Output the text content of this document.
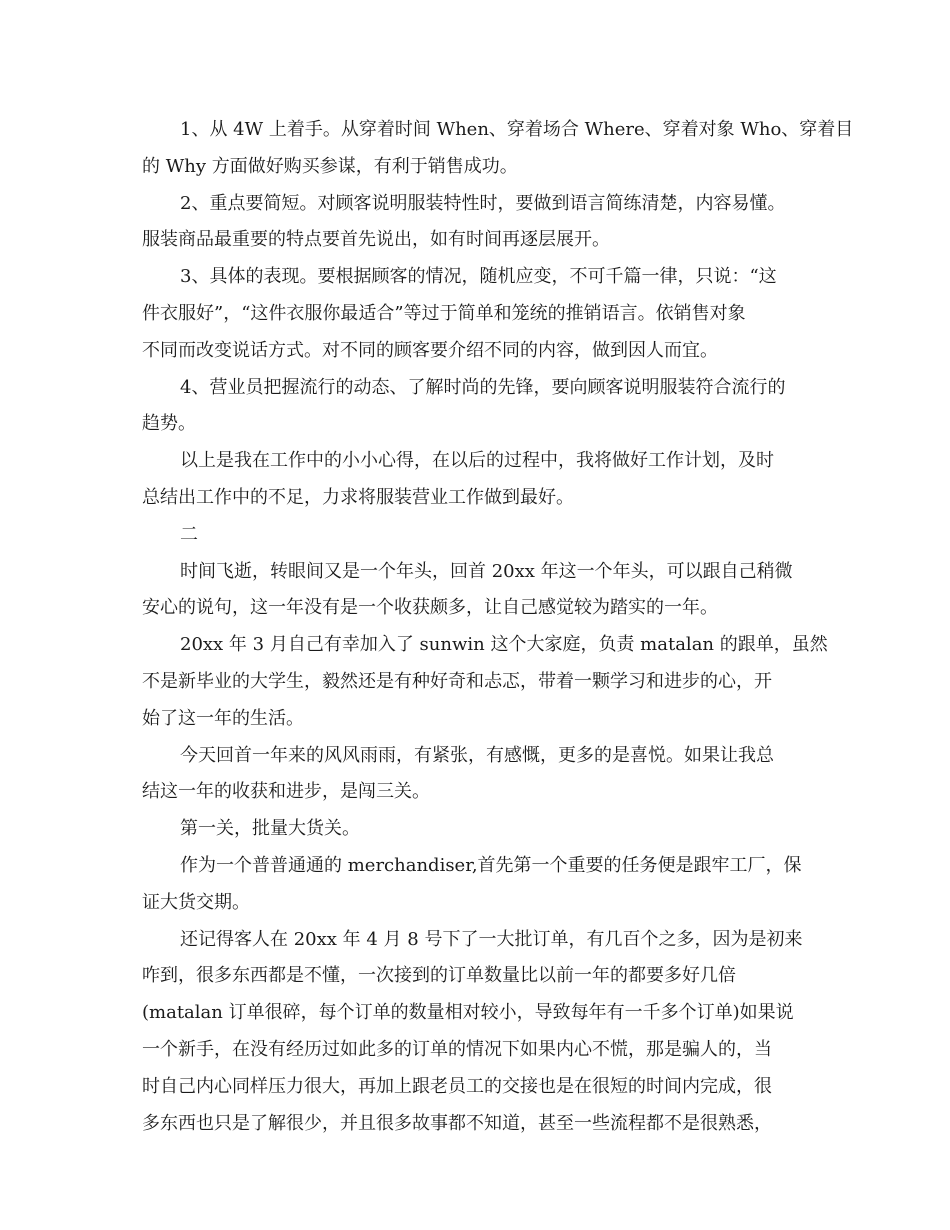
1、从 4W 上着手。从穿着时间 When、穿着场合 Where、穿着对象 Who、穿着目
的 Why 方面做好购买参谋，有利于销售成功。

2、重点要简短。对顾客说明服装特性时，要做到语言简练清楚，内容易懂。
服装商品最重要的特点要首先说出，如有时间再逐层展开。

3、具体的表现。要根据顾客的情况，随机应变，不可千篇一律，只说：“这
件衣服好”，“这件衣服你最适合”等过于简单和笼统的推销语言。依销售对象
不同而改变说话方式。对不同的顾客要介绍不同的内容，做到因人而宜。

4、营业员把握流行的动态、了解时尚的先锋，要向顾客说明服装符合流行的
趋势。

以上是我在工作中的小小心得，在以后的过程中，我将做好工作计划，及时
总结出工作中的不足，力求将服装营业工作做到最好。

二

时间飞逝，转眼间又是一个年头，回首 20xx 年这一个年头，可以跟自己稍微
安心的说句，这一年没有是一个收获颇多，让自己感觉较为踏实的一年。

20xx 年 3 月自己有幸加入了 sunwin 这个大家庭，负责 matalan 的跟单，虽然
不是新毕业的大学生，毅然还是有种好奇和忐忑，带着一颗学习和进步的心，开
始了这一年的生活。

今天回首一年来的风风雨雨，有紧张，有感慨，更多的是喜悦。如果让我总
结这一年的收获和进步，是闯三关。

第一关，批量大货关。

作为一个普普通通的 merchandiser,首先第一个重要的任务便是跟牢工厂，保
证大货交期。

还记得客人在 20xx 年 4 月 8 号下了一大批订单，有几百个之多，因为是初来
咋到，很多东西都是不懂，一次接到的订单数量比以前一年的都要多好几倍
(matalan 订单很碎，每个订单的数量相对较小，导致每年有一千多个订单)如果说
一个新手，在没有经历过如此多的订单的情况下如果内心不慌，那是骗人的，当
时自己内心同样压力很大，再加上跟老员工的交接也是在很短的时间内完成，很
多东西也只是了解很少，并且很多故事都不知道，甚至一些流程都不是很熟悉，
